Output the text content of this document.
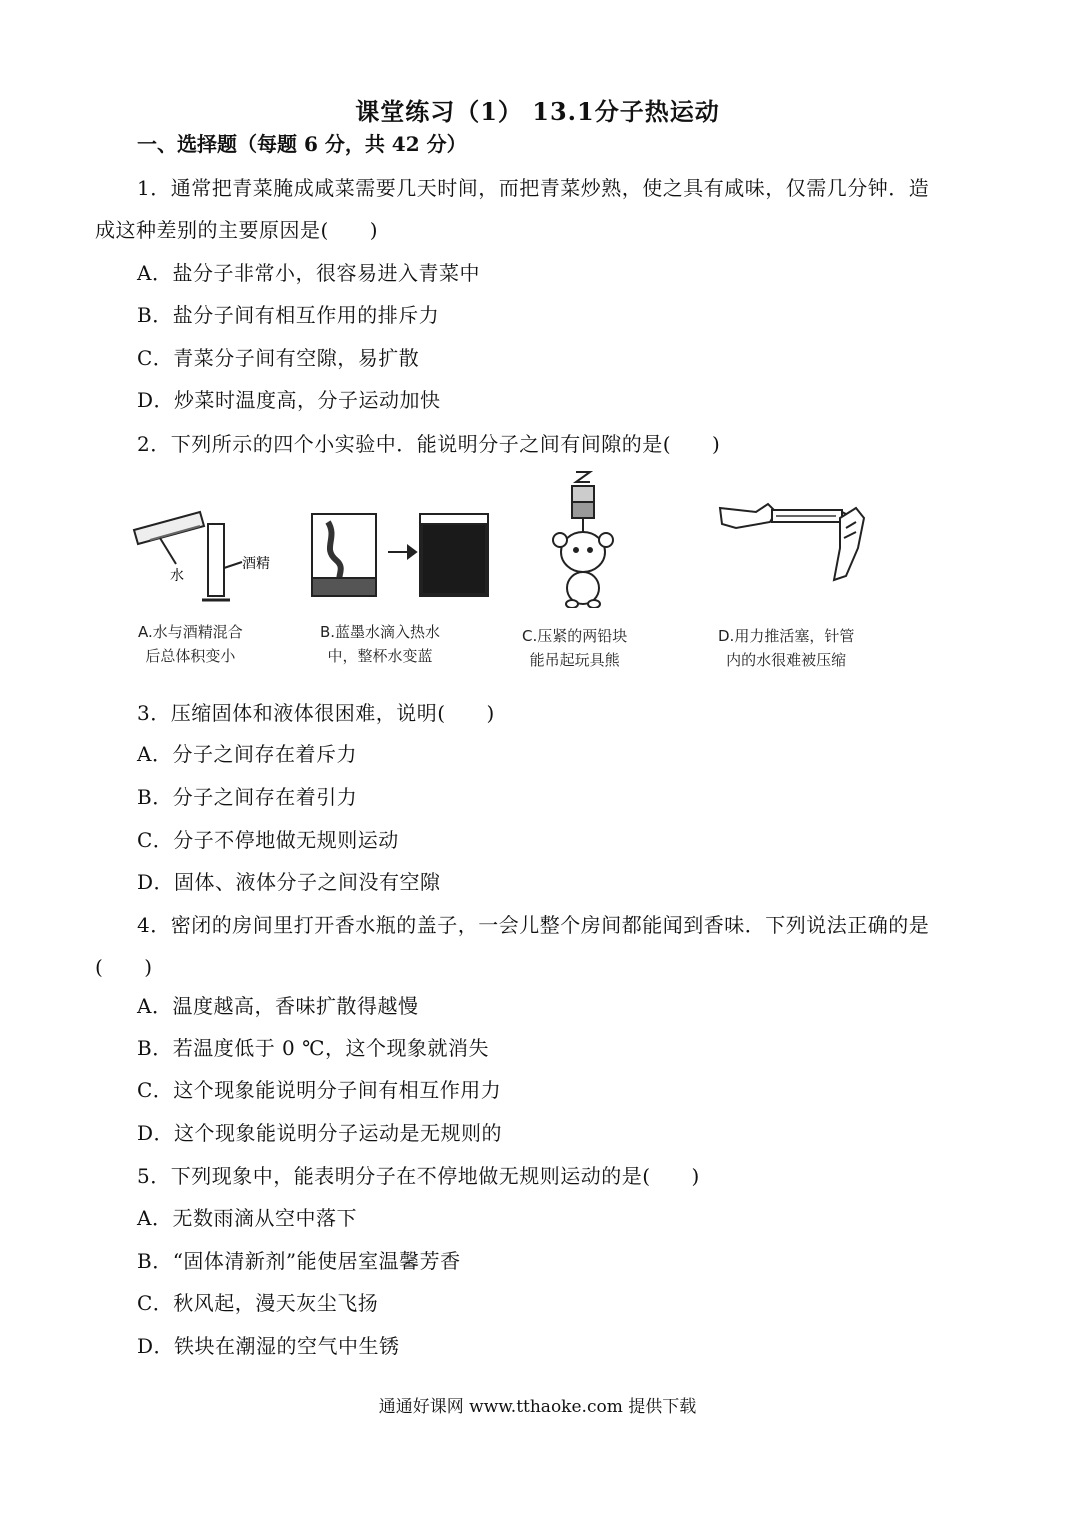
课堂练习（1） 13.1分子热运动
一、选择题（每题 6 分，共 42 分）
1．通常把青菜腌成咸菜需要几天时间，而把青菜炒熟，使之具有咸味，仅需几分钟．造
成这种差别的主要原因是(　　)
A．盐分子非常小，很容易进入青菜中
B．盐分子间有相互作用的排斥力
C．青菜分子间有空隙，易扩散
D．炒菜时温度高，分子运动加快
2．下列所示的四个小实验中．能说明分子之间有间隙的是(　　)
水
酒精
A.水与酒精混合
后总体积变小
B.蓝墨水滴入热水
中，整杯水变蓝
C.压紧的两铅块
能吊起玩具熊
D.用力推活塞，针管
内的水很难被压缩
3．压缩固体和液体很困难，说明(　　)
A．分子之间存在着斥力
B．分子之间存在着引力
C．分子不停地做无规则运动
D．固体、液体分子之间没有空隙
4．密闭的房间里打开香水瓶的盖子，一会儿整个房间都能闻到香味．下列说法正确的是
(　　)
A．温度越高，香味扩散得越慢
B．若温度低于 0 ℃，这个现象就消失
C．这个现象能说明分子间有相互作用力
D．这个现象能说明分子运动是无规则的
5．下列现象中，能表明分子在不停地做无规则运动的是(　　)
A．无数雨滴从空中落下
B．“固体清新剂”能使居室温馨芳香
C．秋风起，漫天灰尘飞扬
D．铁块在潮湿的空气中生锈
通通好课网 www.tthaoke.com 提供下载
